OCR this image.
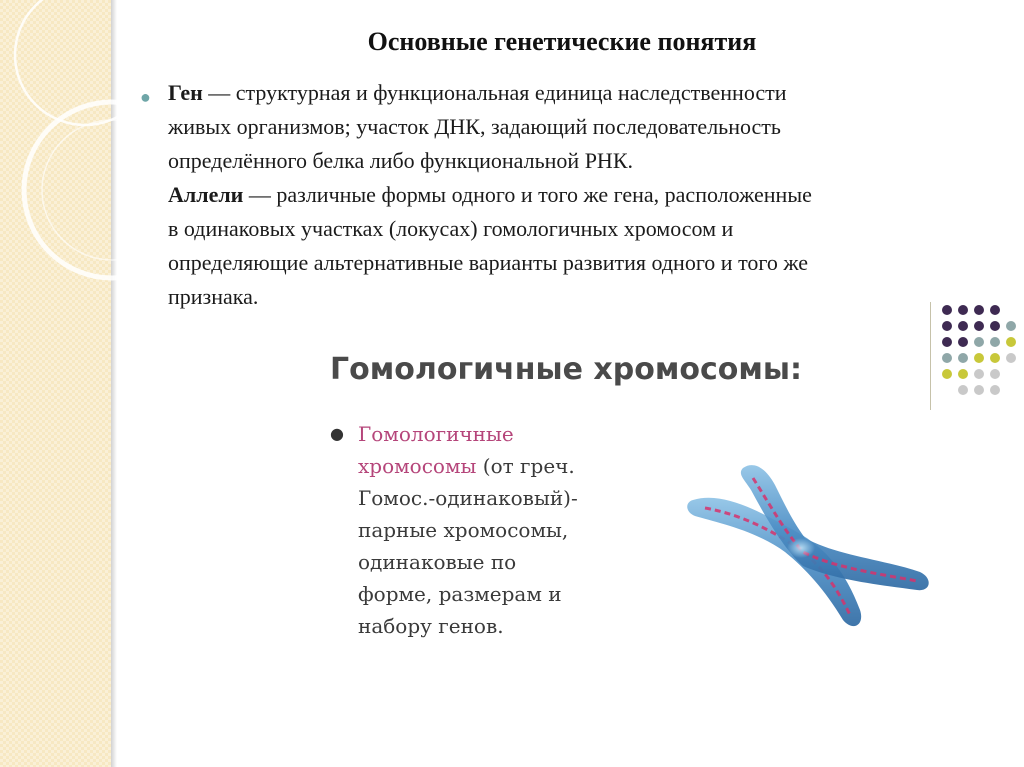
Основные генетические понятия
● Ген — структурная и функциональная единица наследственности
живых организмов; участок ДНК, задающий последовательность
определённого белка либо функциональной РНК.
Аллели — различные формы одного и того же гена, расположенные
в одинаковых участках (локусах) гомологичных хромосом и
определяющие альтернативные варианты развития одного и того же
признака.
Гомологичные хромосомы:
● Гомологичные
хромосомы (от греч.
Гомос.-одинаковый)-
парные хромосомы,
одинаковые по
форме, размерам и
набору генов.
